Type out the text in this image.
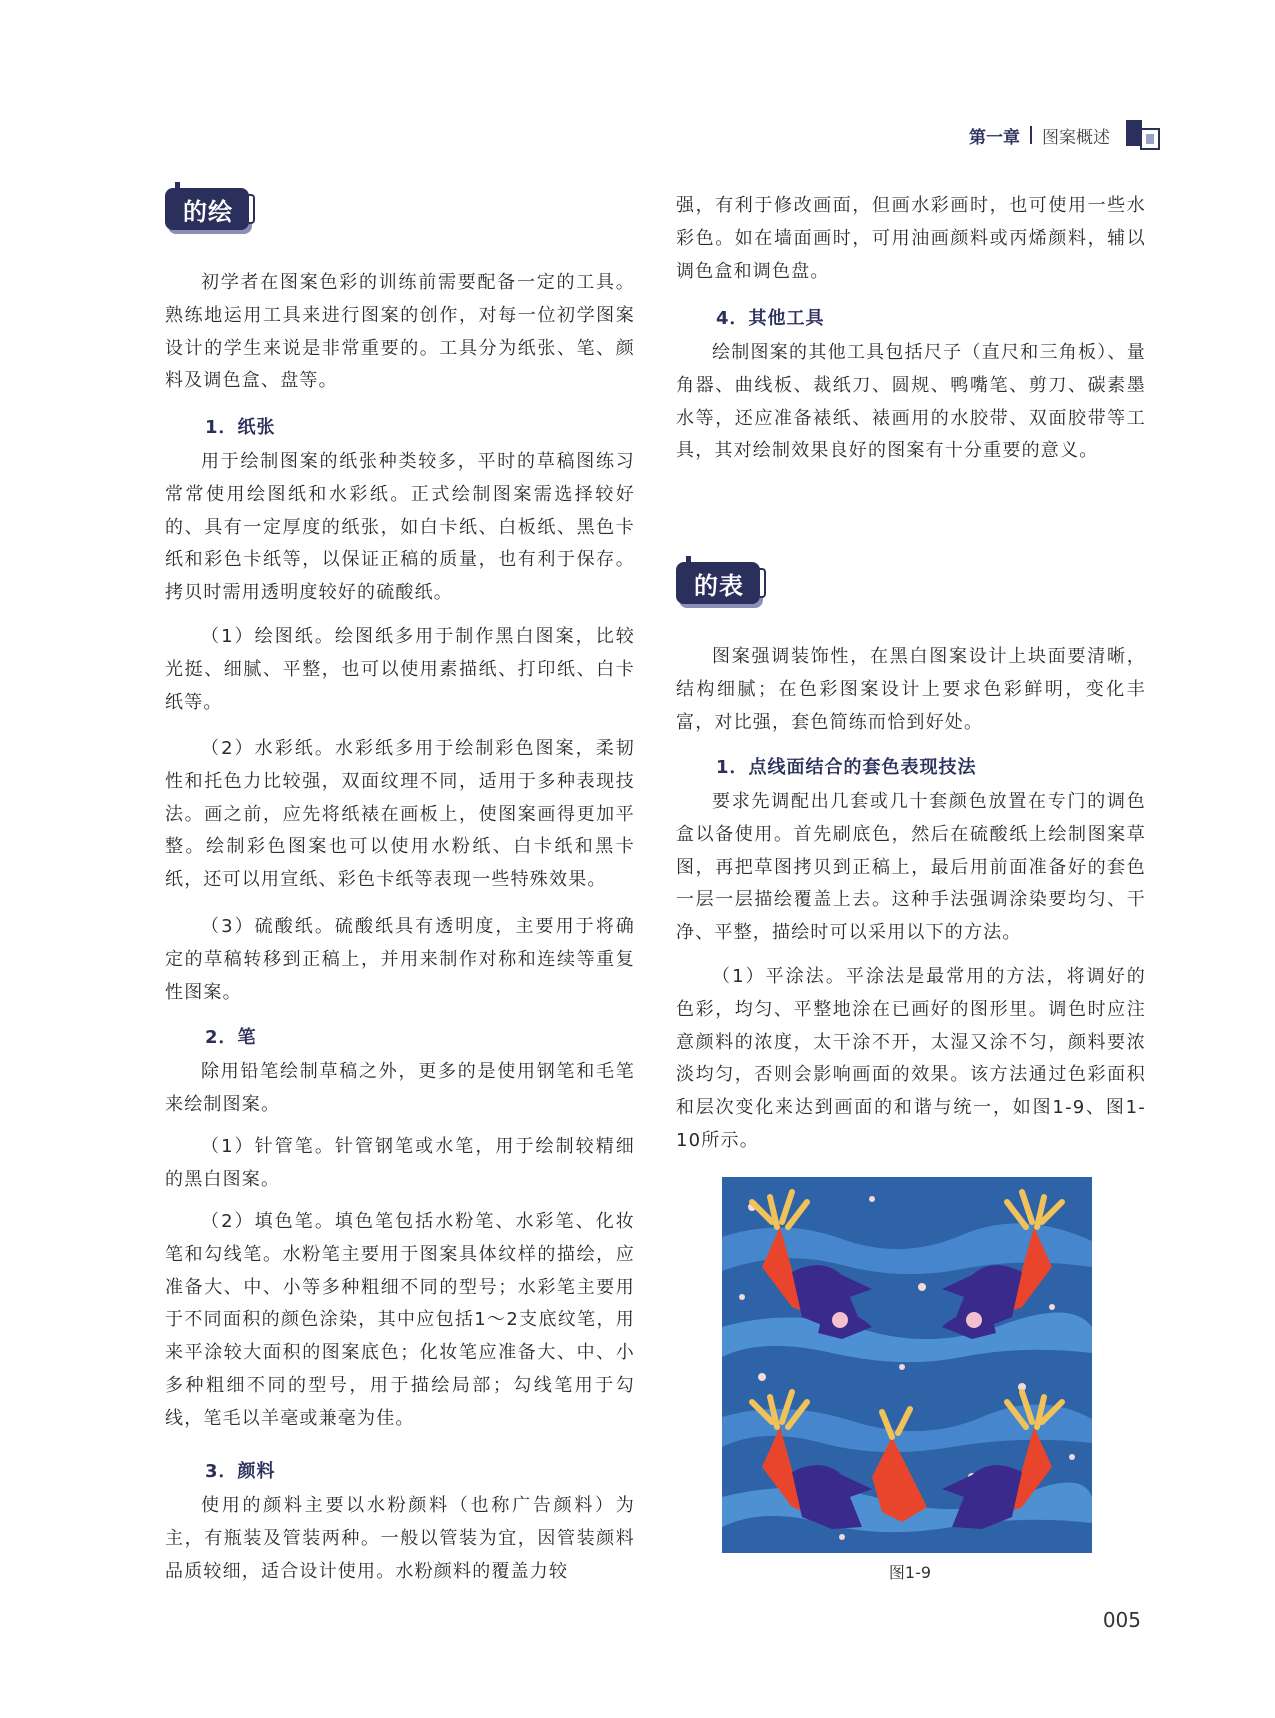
第一章 图案概述
六、图案的绘制工具

初学者在图案色彩的训练前需要配备一定的工具。熟练地运用工具来进行图案的创作，对每一位初学图案设计的学生来说是非常重要的。工具分为纸张、笔、颜料及调色盒、盘等。

1．纸张

用于绘制图案的纸张种类较多，平时的草稿图练习常常使用绘图纸和水彩纸。正式绘制图案需选择较好的、具有一定厚度的纸张，如白卡纸、白板纸、黑色卡纸和彩色卡纸等，以保证正稿的质量，也有利于保存。拷贝时需用透明度较好的硫酸纸。

（1）绘图纸。绘图纸多用于制作黑白图案，比较光挺、细腻、平整，也可以使用素描纸、打印纸、白卡纸等。

（2）水彩纸。水彩纸多用于绘制彩色图案，柔韧性和托色力比较强，双面纹理不同，适用于多种表现技法。画之前，应先将纸裱在画板上，使图案画得更加平整。绘制彩色图案也可以使用水粉纸、白卡纸和黑卡纸，还可以用宣纸、彩色卡纸等表现一些特殊效果。

（3）硫酸纸。硫酸纸具有透明度，主要用于将确定的草稿转移到正稿上，并用来制作对称和连续等重复性图案。

2．笔

除用铅笔绘制草稿之外，更多的是使用钢笔和毛笔来绘制图案。

（1）针管笔。针管钢笔或水笔，用于绘制较精细的黑白图案。

（2）填色笔。填色笔包括水粉笔、水彩笔、化妆笔和勾线笔。水粉笔主要用于图案具体纹样的描绘，应准备大、中、小等多种粗细不同的型号；水彩笔主要用于不同面积的颜色涂染，其中应包括1～2支底纹笔，用来平涂较大面积的图案底色；化妆笔应准备大、中、小多种粗细不同的型号，用于描绘局部；勾线笔用于勾线，笔毛以羊毫或兼毫为佳。

3．颜料

使用的颜料主要以水粉颜料（也称广告颜料）为主，有瓶装及管装两种。一般以管装为宜，因管装颜料品质较细，适合设计使用。水粉颜料的覆盖力较

强，有利于修改画面，但画水彩画时，也可使用一些水彩色。如在墙面画时，可用油画颜料或丙烯颜料，辅以调色盒和调色盘。

4．其他工具

绘制图案的其他工具包括尺子（直尺和三角板）、量角器、曲线板、裁纸刀、圆规、鸭嘴笔、剪刀、碳素墨水等，还应准备裱纸、裱画用的水胶带、双面胶带等工具，其对绘制效果良好的图案有十分重要的意义。

七、图案的表现技法

图案强调装饰性，在黑白图案设计上块面要清晰，结构细腻；在色彩图案设计上要求色彩鲜明，变化丰富，对比强，套色简练而恰到好处。

1．点线面结合的套色表现技法

要求先调配出几套或几十套颜色放置在专门的调色盒以备使用。首先刷底色，然后在硫酸纸上绘制图案草图，再把草图拷贝到正稿上，最后用前面准备好的套色一层一层描绘覆盖上去。这种手法强调涂染要均匀、干净、平整，描绘时可以采用以下的方法。

（1）平涂法。平涂法是最常用的方法，将调好的色彩，均匀、平整地涂在已画好的图形里。调色时应注意颜料的浓度，太干涂不开，太湿又涂不匀，颜料要浓淡均匀，否则会影响画面的效果。该方法通过色彩面积和层次变化来达到画面的和谐与统一，如图1-9、图1-10所示。

图1-9
005
